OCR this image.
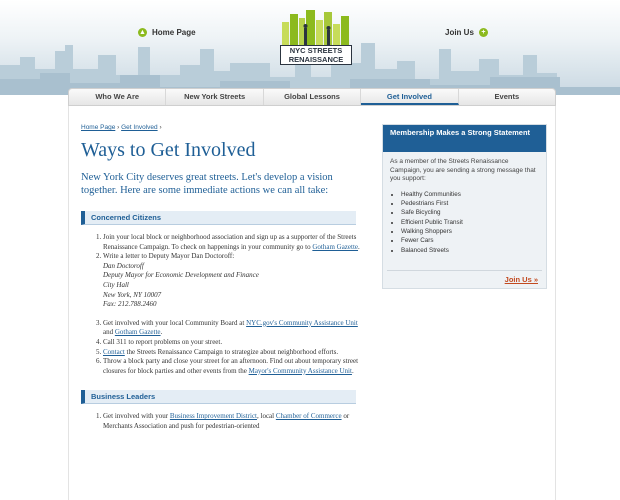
▲ Home Page
NYC STREETS
RENAISSANCE
Join Us	+
Who We Are	New York Streets	Global Lessons	Get Involved	Events
Home Page › Get Involved ›
Ways to Get Involved

New York City deserves great streets. Let's develop a vision together. Here are some immediate actions we can all take:

Concerned Citizens
1. Join your local block or neighborhood association and sign up as a supporter of the Streets Renaissance Campaign. To check on happenings in your community go to Gotham Gazette.
2. Write a letter to Deputy Mayor Dan Doctoroff:
Dan Doctoroff
Deputy Mayor for Economic Development and Finance
City Hall
New York, NY 10007
Fax: 212.788.2460
3. Get involved with your local Community Board at NYC.gov's Community Assistance Unit and Gotham Gazette.
4. Call 311 to report problems on your street.
5. Contact the Streets Renaissance Campaign to strategize about neighborhood efforts.
6. Throw a block party and close your street for an afternoon. Find out about temporary street closures for block parties and other events from the Mayor's Community Assistance Unit.
Business Leaders
1. Get involved with your Business Improvement District, local Chamber of Commerce or Merchants Association and push for pedestrian-oriented
Membership Makes a Strong Statement

As a member of the Streets Renaissance Campaign, you are sending a strong message that you support:

• Healthy Communities
• Pedestrians First
• Safe Bicycling
• Efficient Public Transit
• Walking Shoppers
• Fewer Cars
• Balanced Streets
Join Us »
